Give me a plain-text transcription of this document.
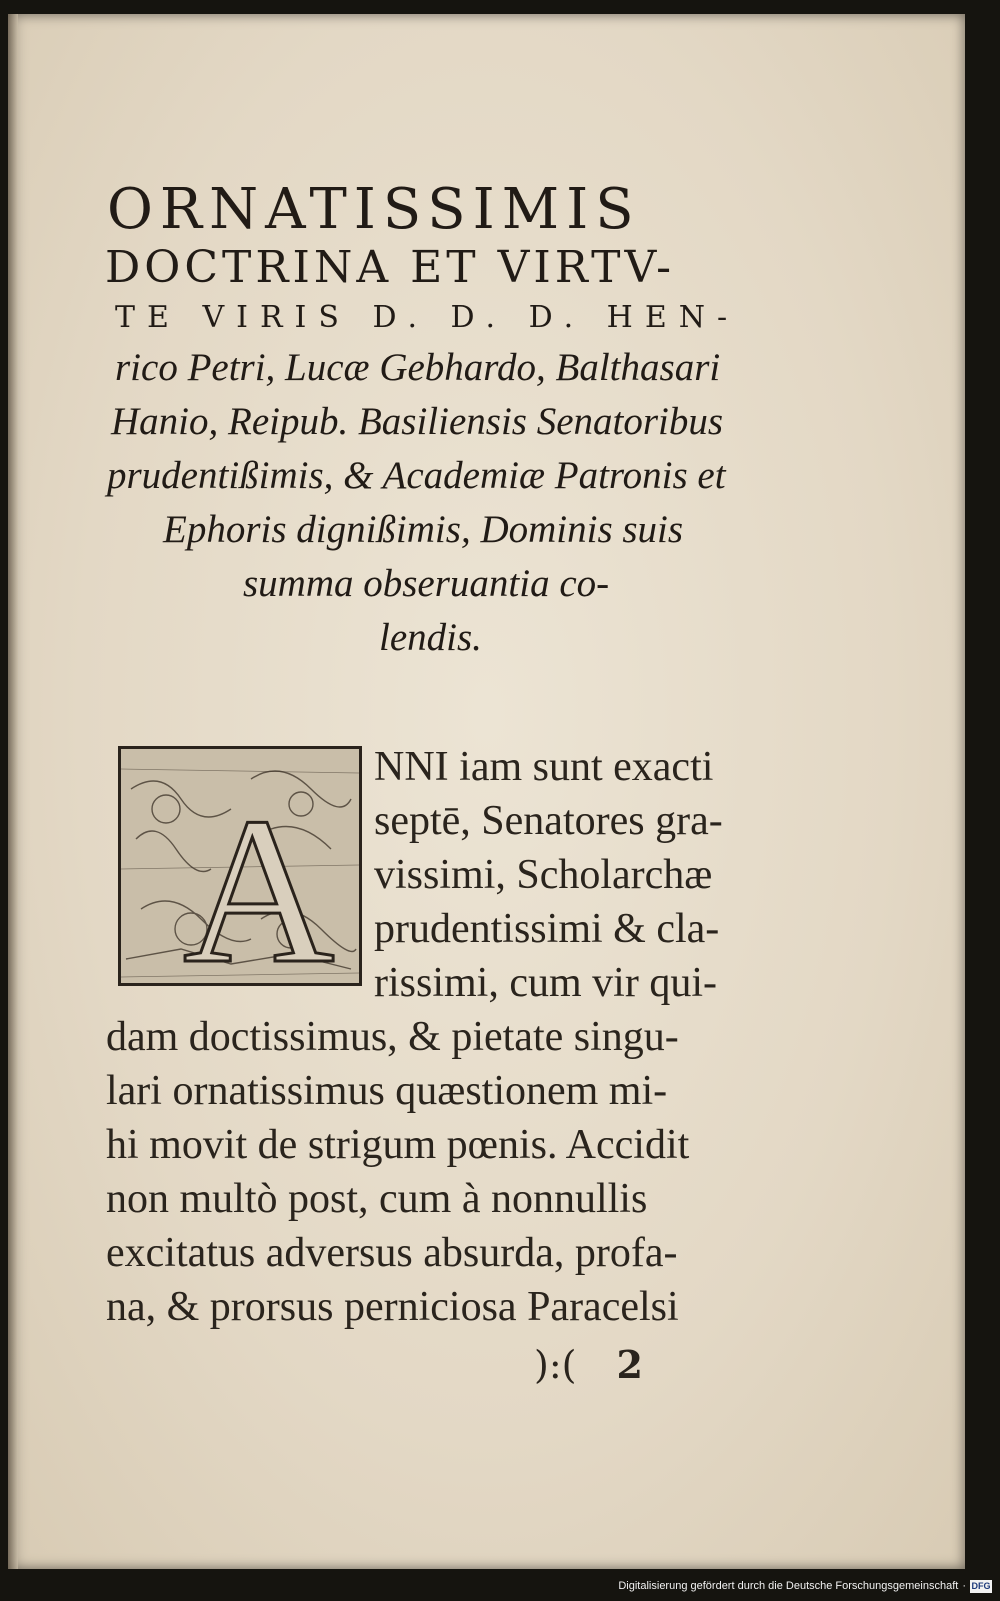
ORNATISSIMIS
DOCTRINA ET VIRTV-
TE VIRIS D. D. D. HEN-
rico Petri, Lucæ Gebhardo, Balthasari
Hanio, Reipub. Basiliensis Senatoribus
prudentißimis, & Academiæ Patronis et
Ephoris dignißimis, Dominis suis
summa obseruantia co-
lendis.
A
NNI iam sunt exacti
septē, Senatores gra-
vissimi, Scholarchæ
prudentissimi & cla-
rissimi, cum vir qui-
dam doctissimus, & pietate singu-
lari ornatissimus quæstionem mi-
hi movit de strigum pœnis. Accidit
non multò post, cum à nonnullis
excitatus adversus absurda, profa-
na, & prorsus perniciosa Paracelsi
):( 2
Digitalisierung gefördert durch die Deutsche Forschungsgemeinschaft · DFG
